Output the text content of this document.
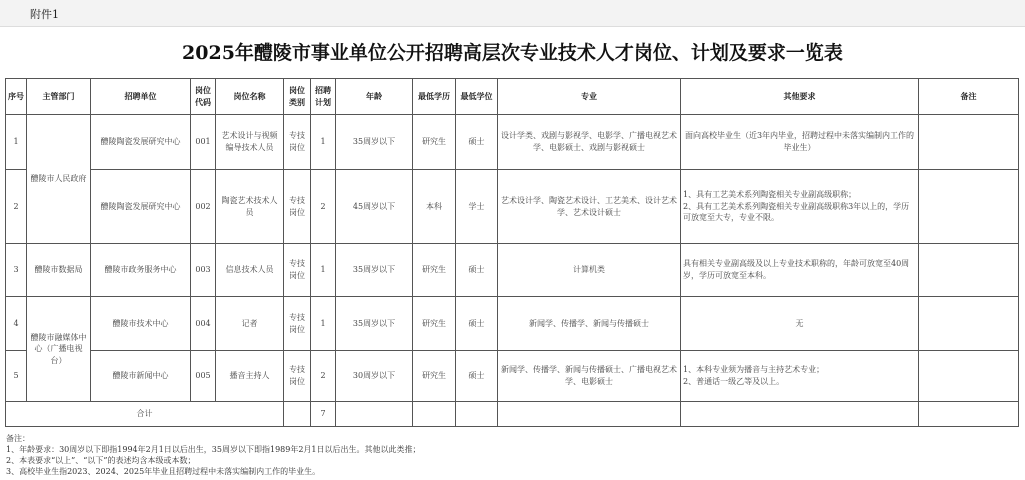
附件1
2025年醴陵市事业单位公开招聘高层次专业技术人才岗位、计划及要求一览表
序号	主管部门	招聘单位	岗位代码	岗位名称	岗位类别	招聘计划	年龄	最低学历	最低学位	专业	其他要求	备注
1	醴陵市人民政府	醴陵陶瓷发展研究中心	001	艺术设计与视频编导技术人员	专技岗位	1	35周岁以下	研究生	硕士	设计学类、戏剧与影视学、电影学、广播电视艺术学、电影硕士、戏剧与影视硕士	面向高校毕业生（近3年内毕业，招聘过程中未落实编制内工作的毕业生）	
2		醴陵陶瓷发展研究中心	002	陶瓷艺术技术人员	专技岗位	2	45周岁以下	本科	学士	艺术设计学、陶瓷艺术设计、工艺美术、设计艺术学、艺术设计硕士	1、具有工艺美术系列陶瓷相关专业副高级职称；
2、具有工艺美术系列陶瓷相关专业副高级职称3年以上的，学历可放宽至大专，专业不限。	
3	醴陵市数据局	醴陵市政务服务中心	003	信息技术人员	专技岗位	1	35周岁以下	研究生	硕士	计算机类	具有相关专业副高级及以上专业技术职称的，年龄可放宽至40周岁，学历可放宽至本科。	
4	醴陵市融媒体中心（广播电视台）	醴陵市技术中心	004	记者	专技岗位	1	35周岁以下	研究生	硕士	新闻学、传播学、新闻与传播硕士	无	
5		醴陵市新闻中心	005	播音主持人	专技岗位	2	30周岁以下	研究生	硕士	新闻学、传播学、新闻与传播硕士、广播电视艺术学、电影硕士	1、本科专业须为播音与主持艺术专业；
2、普通话一级乙等及以上。	
合计						7						
备注：
1、年龄要求：30周岁以下即指1994年2月1日以后出生，35周岁以下即指1989年2月1日以后出生。其他以此类推；
2、本表要求“以上”、“以下”的表述均含本级或本数；
3、高校毕业生指2023、2024、2025年毕业且招聘过程中未落实编制内工作的毕业生。
